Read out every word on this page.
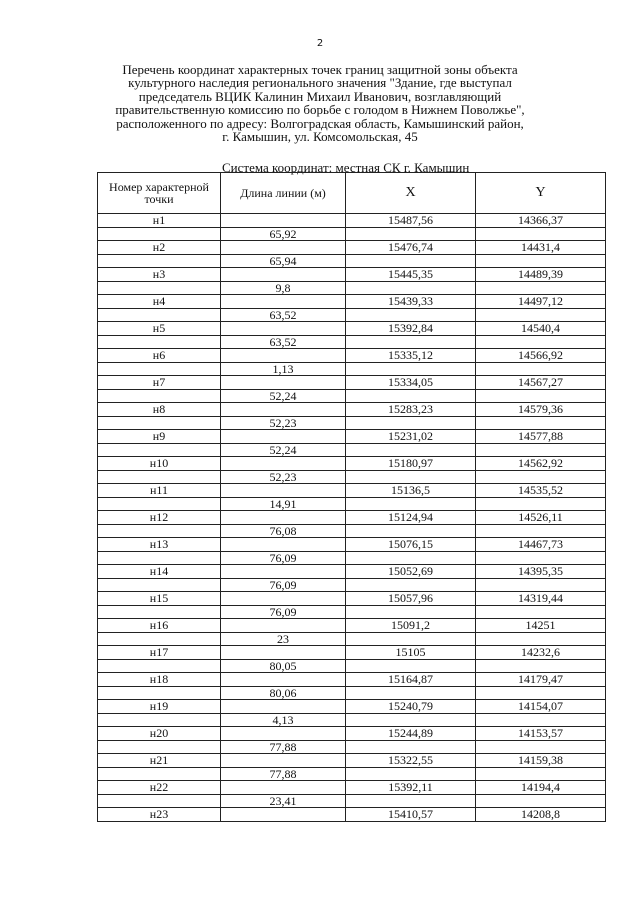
2
Перечень координат характерных точек границ защитной зоны объекта
культурного наследия регионального значения "Здание, где выступал
председатель ВЦИК Калинин Михаил Иванович, возглавляющий
правительственную комиссию по борьбе с голодом в Нижнем Поволжье",
расположенного по адресу: Волгоградская область, Камышинский район,
г. Камышин, ул. Комсомольская, 45
Система координат: местная СК г. Камышин
Номер характерной точки	Длина линии (м)	X	Y
н1		15487,56	14366,37
	65,92		
н2		15476,74	14431,4
	65,94		
н3		15445,35	14489,39
	9,8		
н4		15439,33	14497,12
	63,52		
н5		15392,84	14540,4
	63,52		
н6		15335,12	14566,92
	1,13		
н7		15334,05	14567,27
	52,24		
н8		15283,23	14579,36
	52,23		
н9		15231,02	14577,88
	52,24		
н10		15180,97	14562,92
	52,23		
н11		15136,5	14535,52
	14,91		
н12		15124,94	14526,11
	76,08		
н13		15076,15	14467,73
	76,09		
н14		15052,69	14395,35
	76,09		
н15		15057,96	14319,44
	76,09		
н16		15091,2	14251
	23		
н17		15105	14232,6
	80,05		
н18		15164,87	14179,47
	80,06		
н19		15240,79	14154,07
	4,13		
н20		15244,89	14153,57
	77,88		
н21		15322,55	14159,38
	77,88		
н22		15392,11	14194,4
	23,41		
н23		15410,57	14208,8
